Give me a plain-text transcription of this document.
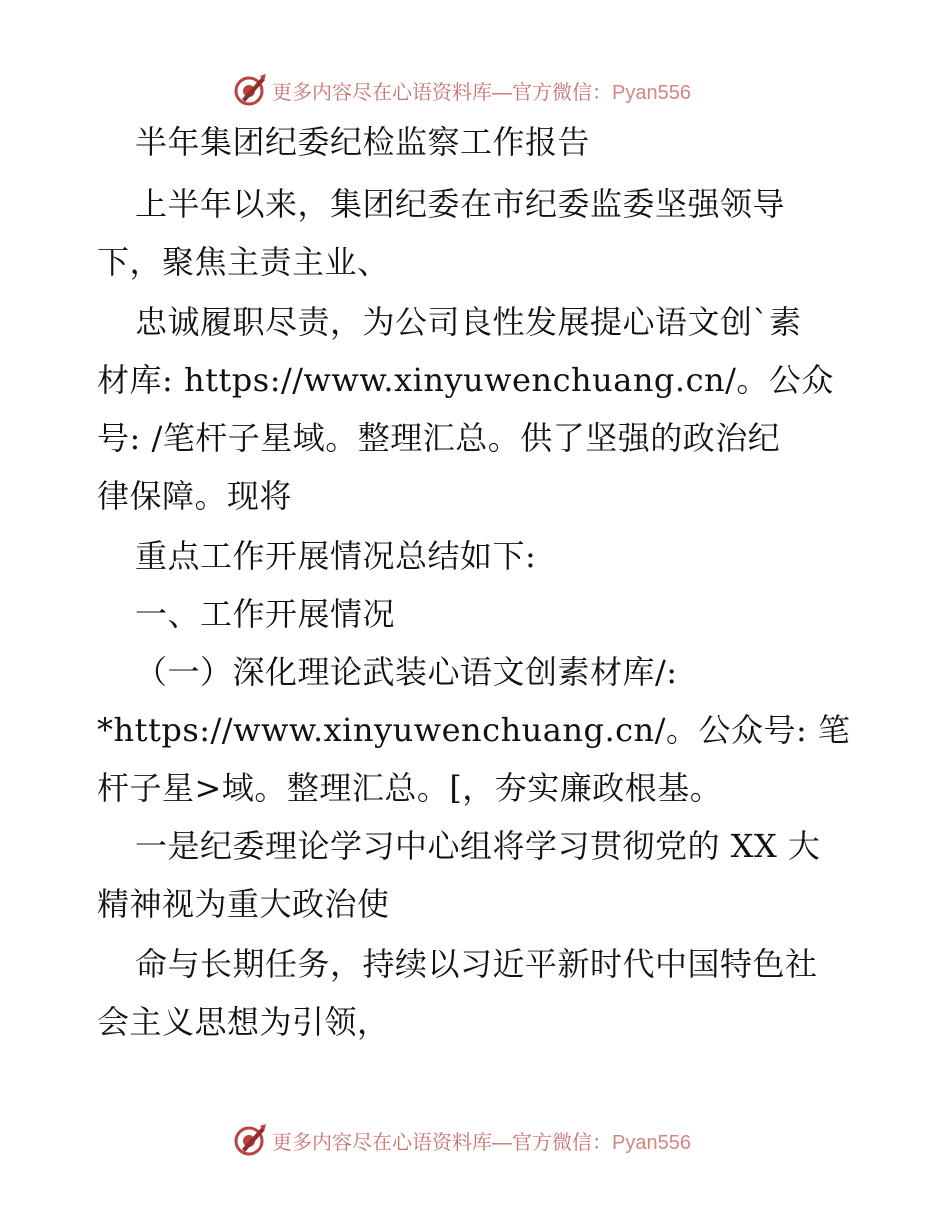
更多内容尽在心语资料库—官方微信：Pyan556
半年集团纪委纪检监察工作报告
上半年以来，集团纪委在市纪委监委坚强领导
下，聚焦主责主业、
忠诚履职尽责，为公司良性发展提心语文创`素
材库: https://www.xinyuwenchuang.cn/。公众
号: /笔杆子星域。整理汇总。供了坚强的政治纪
律保障。现将
重点工作开展情况总结如下:
一、工作开展情况
（一）深化理论武装心语文创素材库/:
*https://www.xinyuwenchuang.cn/。公众号: 笔
杆子星>域。整理汇总。[，夯实廉政根基。
一是纪委理论学习中心组将学习贯彻党的 XX 大
精神视为重大政治使
命与长期任务，持续以习近平新时代中国特色社
会主义思想为引领，
更多内容尽在心语资料库—官方微信：Pyan556
